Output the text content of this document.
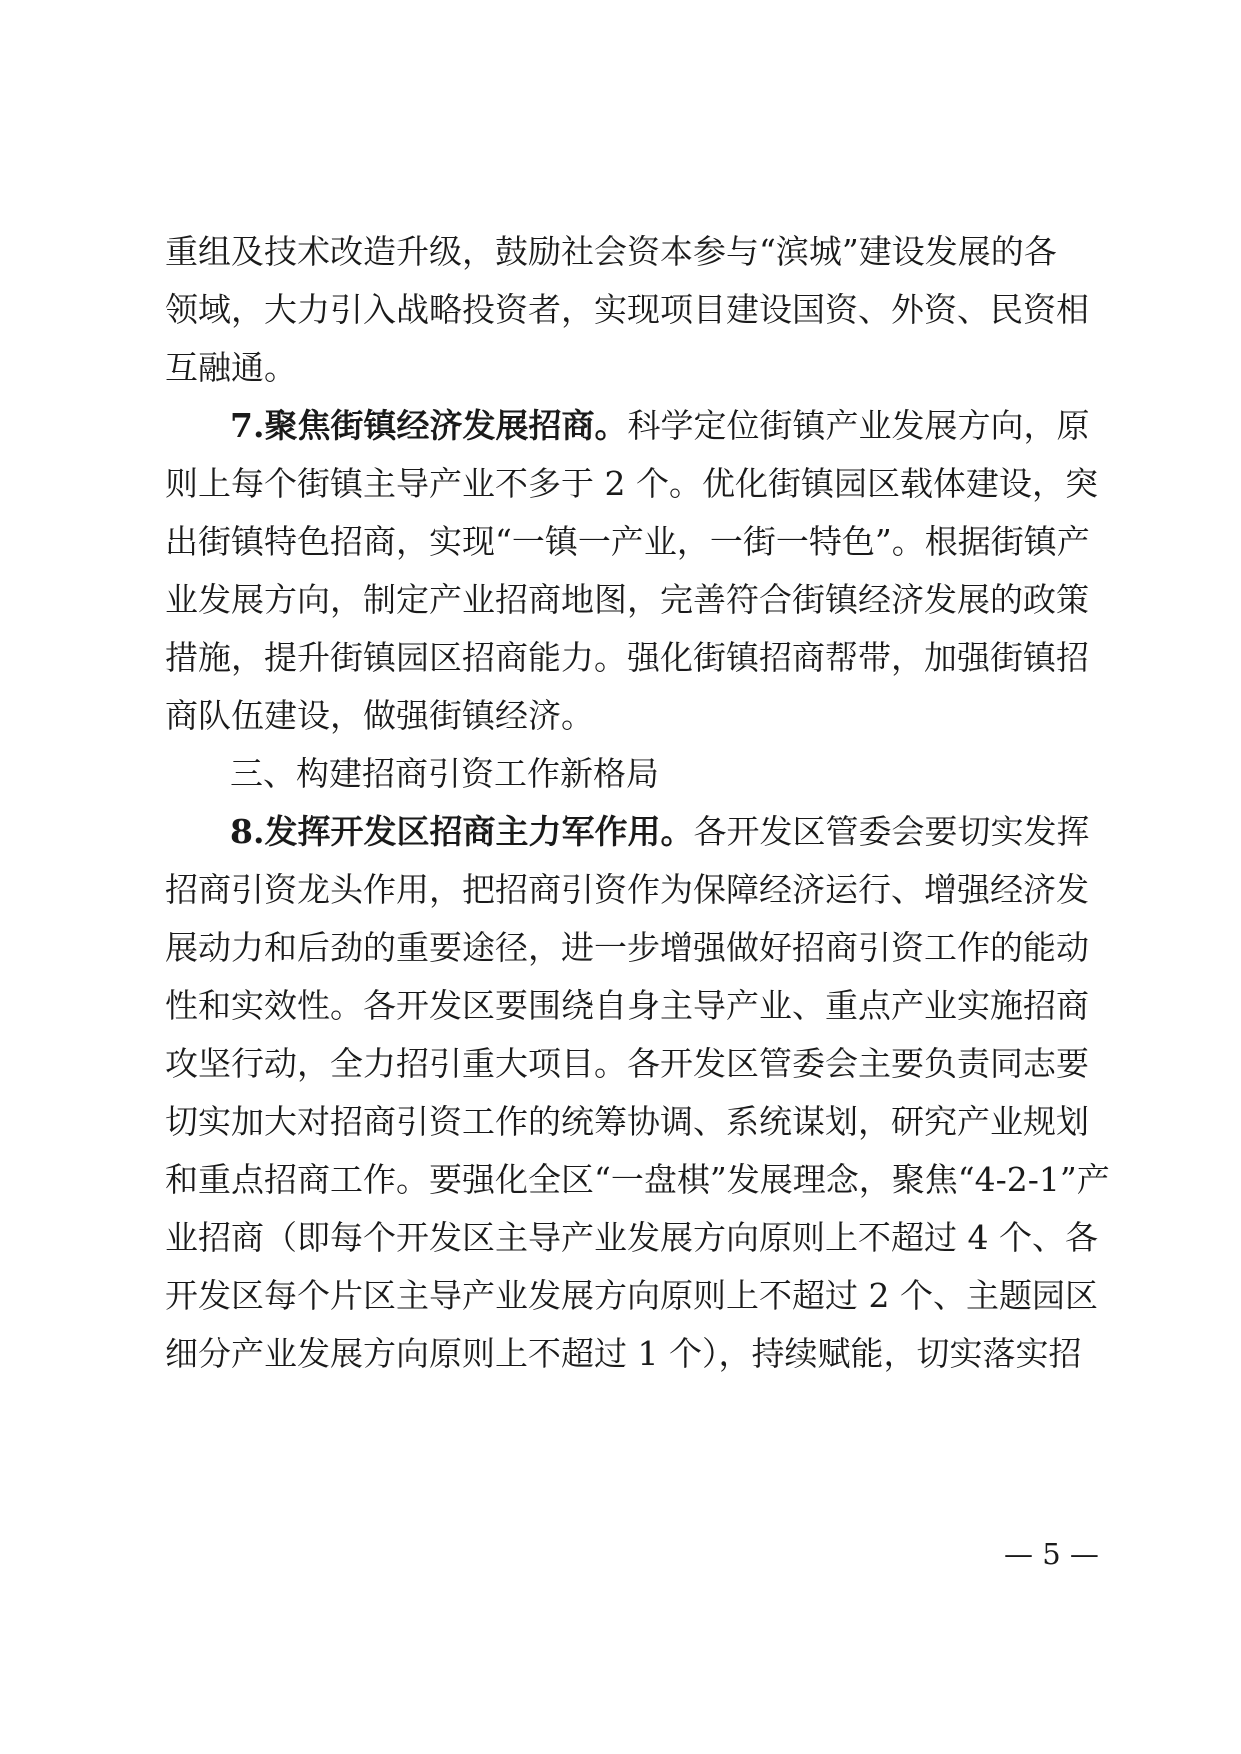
重组及技术改造升级，鼓励社会资本参与“滨城”建设发展的各
领域，大力引入战略投资者，实现项目建设国资、外资、民资相
互融通。
7.聚焦街镇经济发展招商。科学定位街镇产业发展方向，原
则上每个街镇主导产业不多于 2 个。优化街镇园区载体建设，突
出街镇特色招商，实现“一镇一产业，一街一特色”。根据街镇产
业发展方向，制定产业招商地图，完善符合街镇经济发展的政策
措施，提升街镇园区招商能力。强化街镇招商帮带，加强街镇招
商队伍建设，做强街镇经济。
三、构建招商引资工作新格局
8.发挥开发区招商主力军作用。各开发区管委会要切实发挥
招商引资龙头作用，把招商引资作为保障经济运行、增强经济发
展动力和后劲的重要途径，进一步增强做好招商引资工作的能动
性和实效性。各开发区要围绕自身主导产业、重点产业实施招商
攻坚行动，全力招引重大项目。各开发区管委会主要负责同志要
切实加大对招商引资工作的统筹协调、系统谋划，研究产业规划
和重点招商工作。要强化全区“一盘棋”发展理念，聚焦“4-2-1”产
业招商（即每个开发区主导产业发展方向原则上不超过 4 个、各
开发区每个片区主导产业发展方向原则上不超过 2 个、主题园区
细分产业发展方向原则上不超过 1 个），持续赋能，切实落实招
— 5 —
